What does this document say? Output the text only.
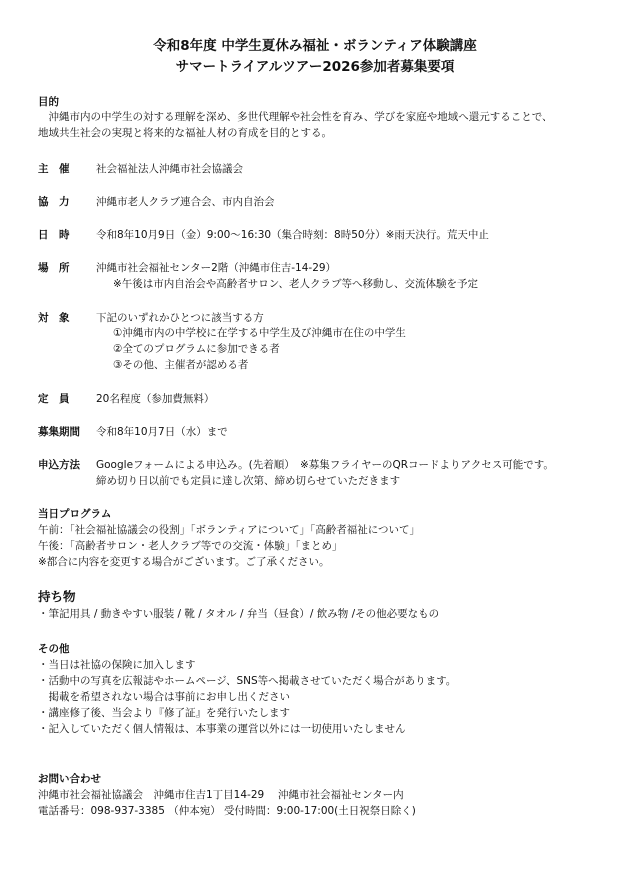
令和8年度 中学生夏休み福祉・ボランティア体験講座
サマートライアルツアー2026参加者募集要項
目的
　沖縄市内の中学生の対する理解を深め、多世代理解や社会性を育み、学びを家庭や地域へ還元することで、
地域共生社会の実現と将来的な福祉人材の育成を目的とする。
主　催	社会福祉法人沖縄市社会協議会
協　力	沖縄市老人クラブ連合会、市内自治会
日　時	令和8年10月9日（金）9:00〜16:30（集合時刻：8時50分）※雨天決行。荒天中止
場　所	沖縄市社会福祉センター2階（沖縄市住吉-14-29）
※午後は市内自治会や高齢者サロン、老人クラブ等へ移動し、交流体験を予定
対　象	下記のいずれかひとつに該当する方
①沖縄市内の中学校に在学する中学生及び沖縄市在住の中学生
②全てのプログラムに参加できる者
③その他、主催者が認める者
定　員	20名程度（参加費無料）
募集期間 令和8年10月7日（水）まで
申込方法 Googleフォームによる申込み。(先着順）　※募集フライヤーのQRコードよりアクセス可能です。
締め切り日以前でも定員に達し次第、締め切らせていただきます
当日プログラム
午前：「社会福祉協議会の役割」「ボランティアについて」「高齢者福祉について」
午後：「高齢者サロン・老人クラブ等での交流・体験」「まとめ」
※都合に内容を変更する場合がございます。ご了承ください。
持ち物
・筆記用具 / 動きやすい服装 / 靴 / タオル / 弁当（昼食）/ 飲み物 /その他必要なもの
その他
・当日は社協の保険に加入します
・活動中の写真を広報誌やホームページ、SNS等へ掲載させていただく場合があります。
　掲載を希望されない場合は事前にお申し出ください
・講座修了後、当会より『修了証』を発行いたします
・記入していただく個人情報は、本事業の運営以外には一切使用いたしません
お問い合わせ
沖縄市社会福祉協議会　沖縄市住吉1丁目14-29　 沖縄市社会福祉センター内
電話番号：098-937-3385 （仲本宛） 受付時間：9:00-17:00(土日祝祭日除く)
